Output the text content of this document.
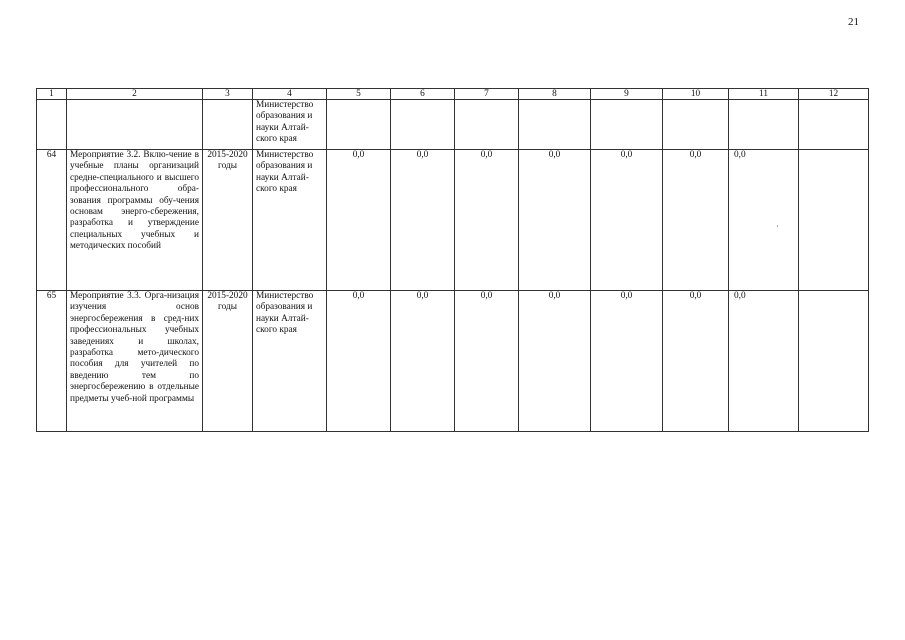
21
1	2	3	4	5	6	7	8	9	10	11	12
			Министерство образования и науки Алтай-ского края								
64	Мероприятие 3.2. Вклю-чение в учебные планы организаций средне-специального и высшего профессионального обра-зования программы обу-чения основам энерго-сбережения, разработка и утверждение специальных учебных и методических пособий	2015-2020 годы	Министерство образования и науки Алтай-ского края	0,0	0,0	0,0	0,0	0,0	0,0	0,0	
65	Мероприятие 3.3. Орга-низация изучения основ энергосбережения в сред-них профессиональных учебных заведениях и школах, разработка мето-дического пособия для учителей по введению тем по энергосбережению в отдельные предметы учеб-ной программы	2015-2020 годы	Министерство образования и науки Алтай-ского края	0,0	0,0	0,0	0,0	0,0	0,0	0,0	
·
